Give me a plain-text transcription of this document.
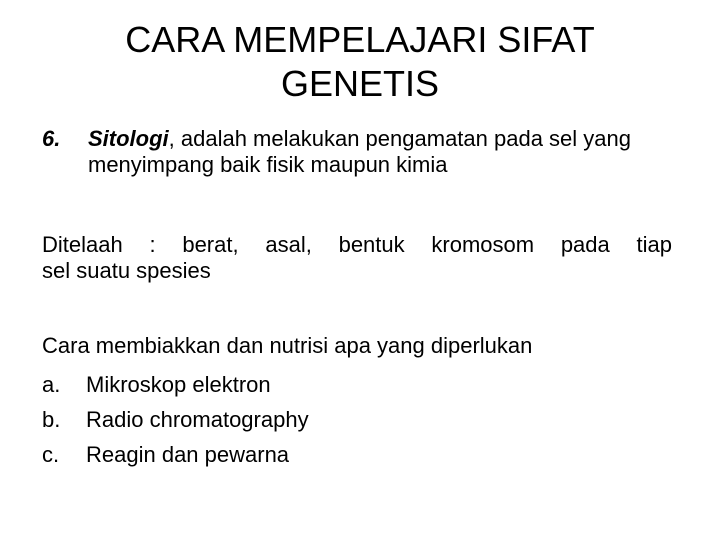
CARA MEMPELAJARI SIFAT
GENETIS
6. Sitologi, adalah melakukan pengamatan pada sel yang menyimpang baik fisik maupun kimia

Ditelaah : berat, asal, bentuk kromosom pada tiap
sel suatu spesies

Cara membiakkan dan nutrisi apa yang diperlukan

a. Mikroskop elektron
b. Radio chromatography
c. Reagin dan pewarna
